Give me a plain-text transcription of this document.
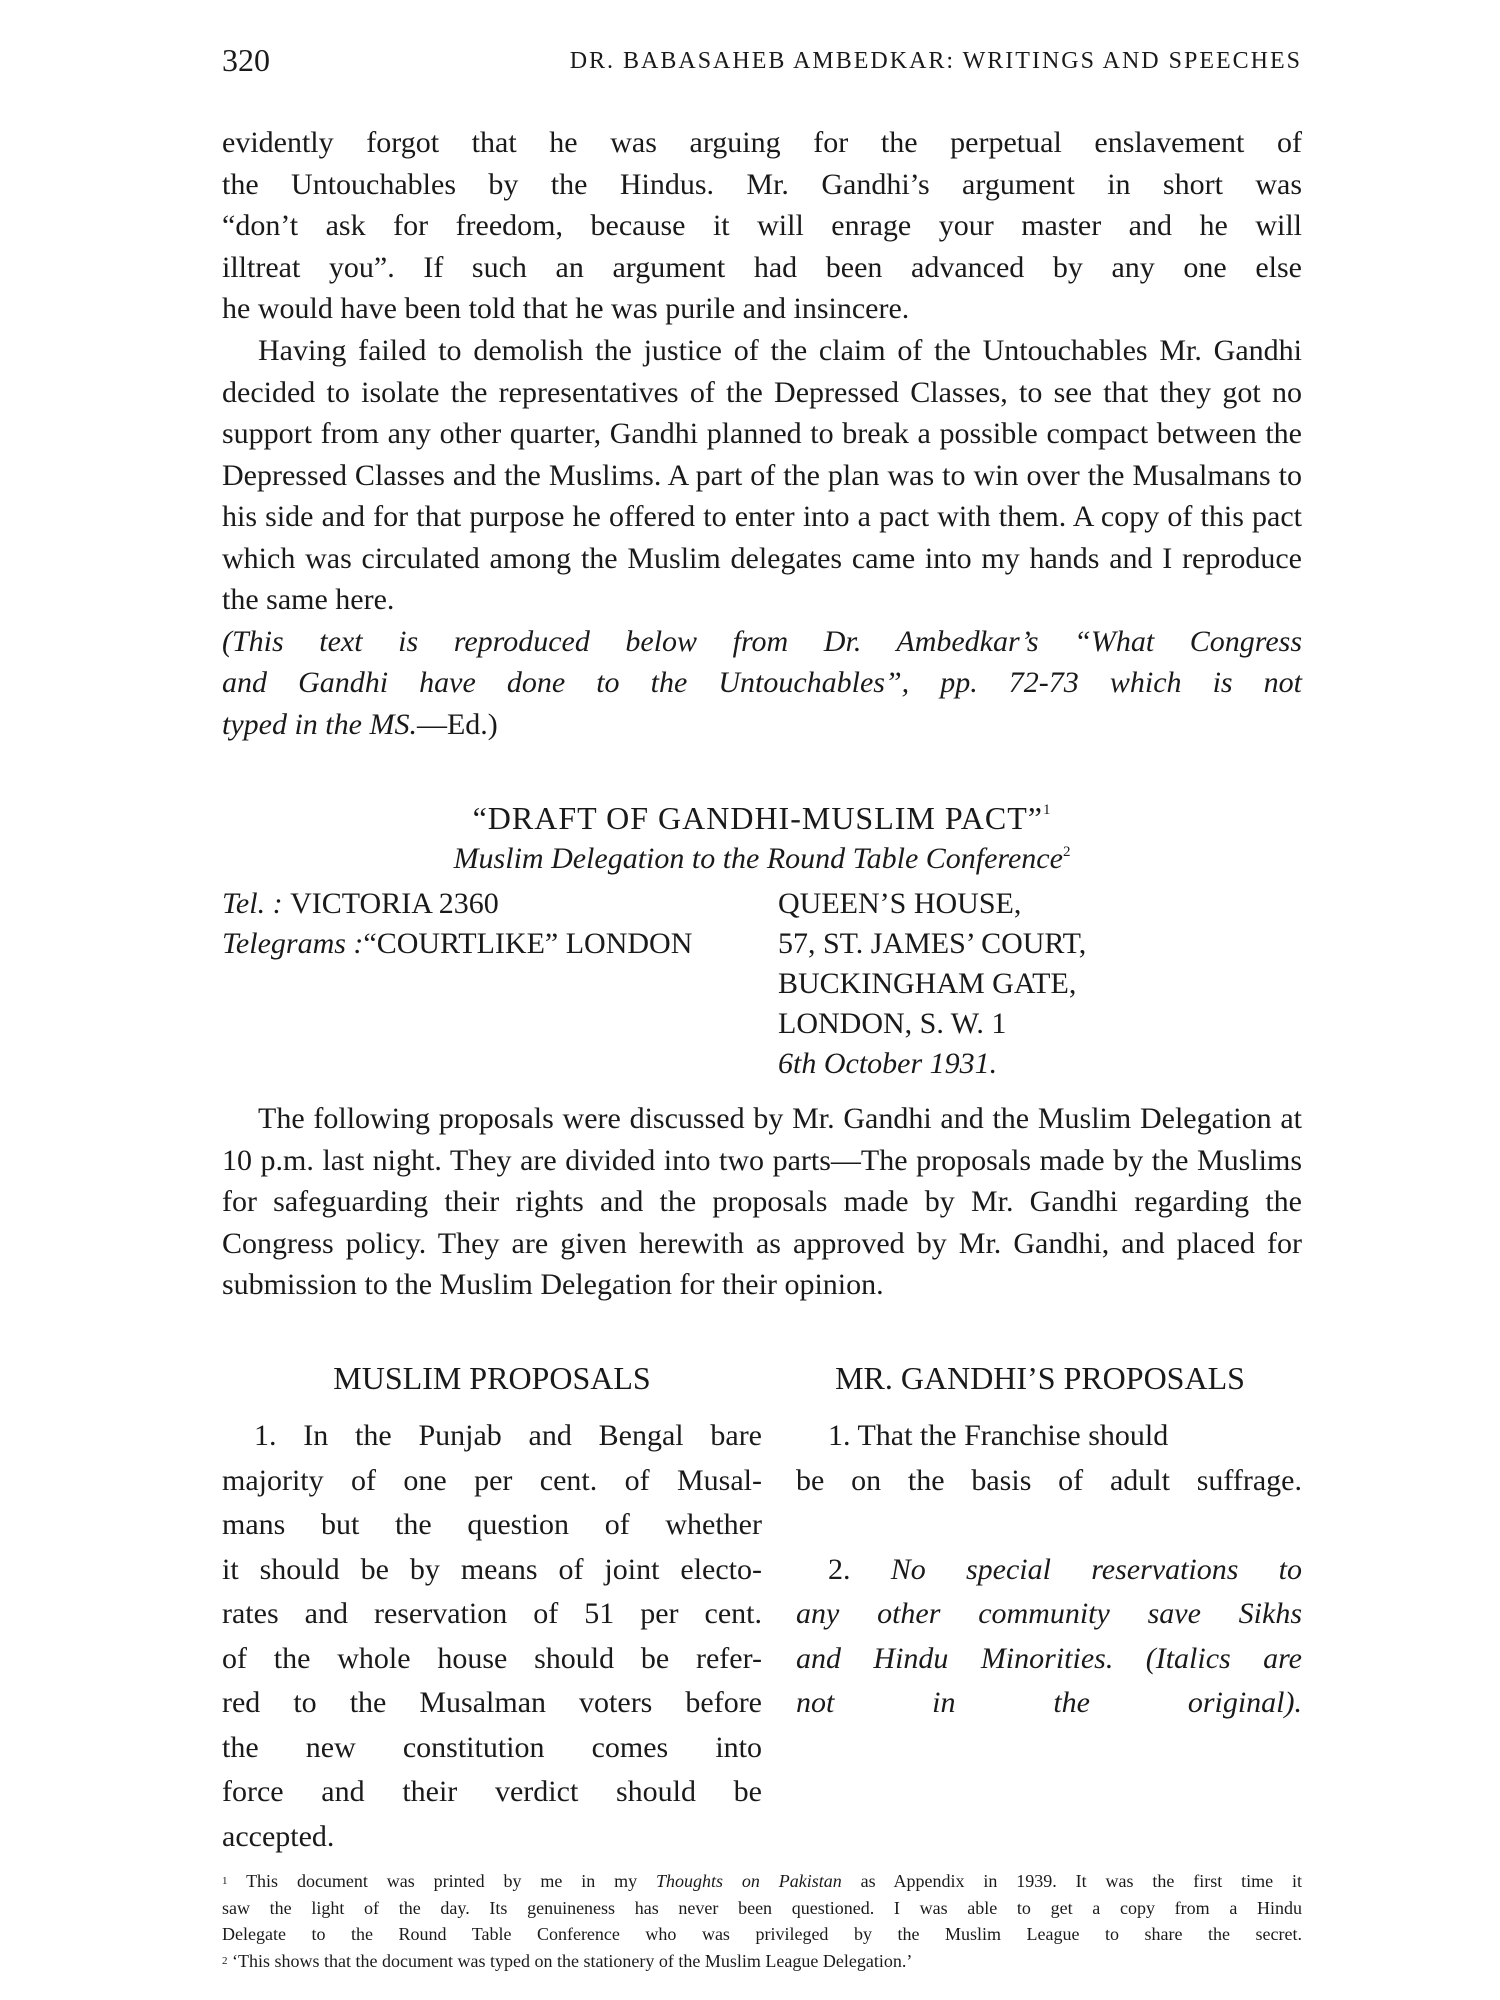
320	DR. BABASAHEB AMBEDKAR: WRITINGS AND SPEECHES
evidently forgot that he was arguing for the perpetual enslavement of
the Untouchables by the Hindus. Mr. Gandhi’s argument in short was
“don’t ask for freedom, because it will enrage your master and he will
illtreat you”. If such an argument had been advanced by any one else
he would have been told that he was purile and insincere.

Having failed to demolish the justice of the claim of the Untouchables Mr. Gandhi decided to isolate the representatives of the Depressed Classes, to see that they got no support from any other quarter, Gandhi planned to break a possible compact between the Depressed Classes and the Muslims. A part of the plan was to win over the Musalmans to his side and for that purpose he offered to enter into a pact with them. A copy of this pact which was circulated among the Muslim delegates came into my hands and I reproduce the same here.

(This text is reproduced below from Dr. Ambedkar’s “What Congress
and Gandhi have done to the Untouchables”, pp. 72-73 which is not
typed in the MS.—Ed.)
“DRAFT OF GANDHI-MUSLIM PACT”$^1$
Muslim Delegation to the Round Table Conference$^2$
Tel. : VICTORIA 2360
Telegrams :“COURTLIKE” LONDON
QUEEN’S HOUSE,
57, ST. JAMES’ COURT,
BUCKINGHAM GATE,
LONDON, S. W. 1
6th October 1931.

The following proposals were discussed by Mr. Gandhi and the Muslim Delegation at 10 p.m. last night. They are divided into two parts—The proposals made by the Muslims for safeguarding their rights and the proposals made by Mr. Gandhi regarding the Congress policy. They are given herewith as approved by Mr. Gandhi, and placed for submission to the Muslim Delegation for their opinion.

MUSLIM PROPOSALS	MR. GANDHI’S PROPOSALS
1. In the Punjab and Bengal bare
majority of one per cent. of Musal-
mans but the question of whether
it should be by means of joint electo-
rates and reservation of 51 per cent.
of the whole house should be refer-
red to the Musalman voters before
the new constitution comes into
force and their verdict should be
accepted.
1. That the Franchise should
be on the basis of adult suffrage.
2. No special reservations to
any other community save Sikhs
and Hindu Minorities. (Italics are
not in the original).
$^1$ This document was printed by me in my Thoughts on Pakistan as Appendix in 1939. It was the first time it
saw the light of the day. Its genuineness has never been questioned. I was able to get a copy from a Hindu
Delegate to the Round Table Conference who was privileged by the Muslim League to share the secret.
$^2$ ‘This shows that the document was typed on the stationery of the Muslim League Delegation.’
